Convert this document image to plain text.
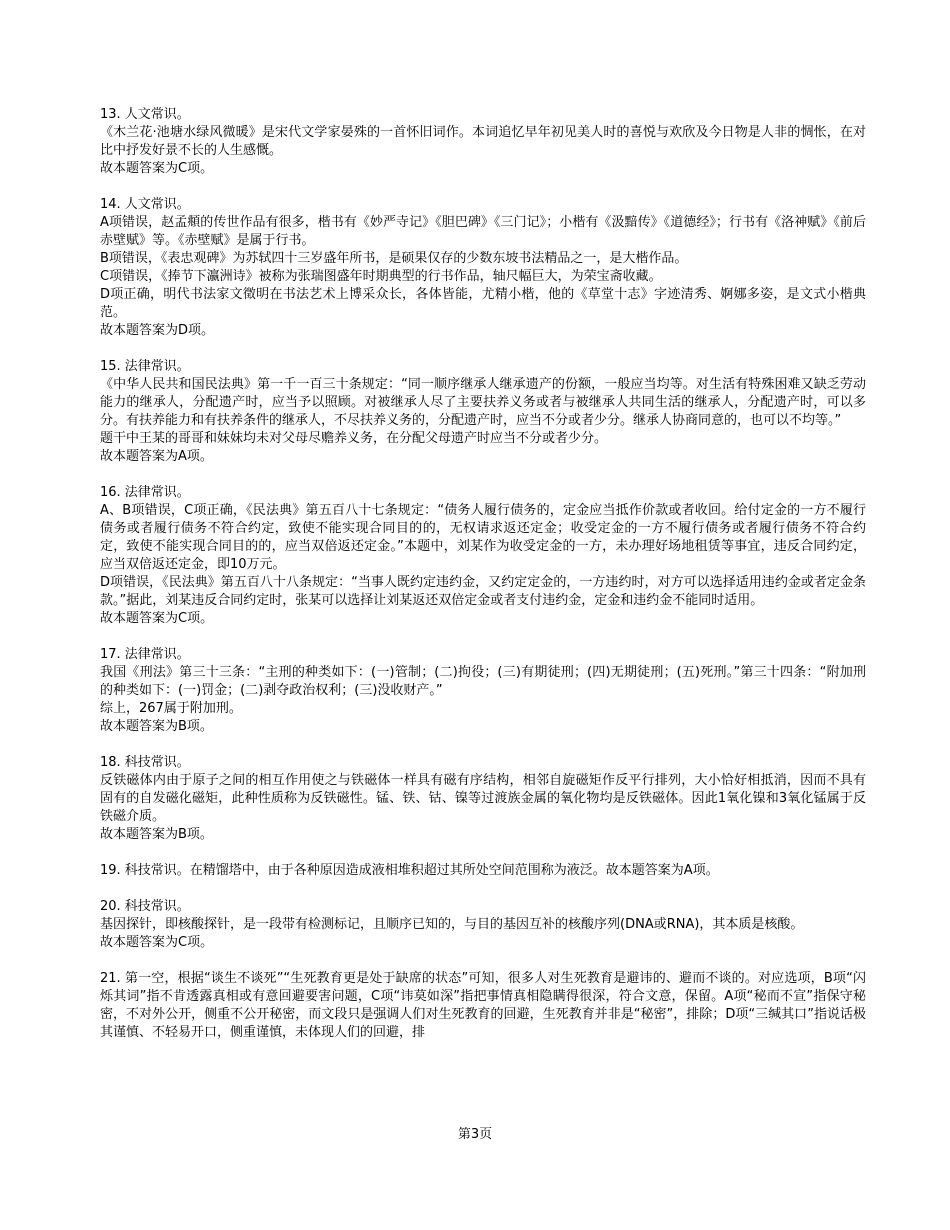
13. 人文常识。
《木兰花·池塘水绿风微暖》是宋代文学家晏殊的一首怀旧词作。本词追忆早年初见美人时的喜悦与欢欣及今日物是人非的惆怅，在对比中抒发好景不长的人生感慨。
故本题答案为C项。
14. 人文常识。
A项错误，赵孟頫的传世作品有很多，楷书有《妙严寺记》《胆巴碑》《三门记》；小楷有《汲黯传》《道德经》；行书有《洛神赋》《前后赤壁赋》等。《赤壁赋》是属于行书。
B项错误，《表忠观碑》为苏轼四十三岁盛年所书，是硕果仅存的少数东坡书法精品之一，是大楷作品。
C项错误，《捧节下瀛洲诗》被称为张瑞图盛年时期典型的行书作品，轴尺幅巨大，为荣宝斋收藏。
D项正确，明代书法家文徵明在书法艺术上博采众长，各体皆能，尤精小楷，他的《草堂十志》字迹清秀、婀娜多姿，是文式小楷典范。
故本题答案为D项。
15. 法律常识。
《中华人民共和国民法典》第一千一百三十条规定：“同一顺序继承人继承遗产的份额，一般应当均等。对生活有特殊困难又缺乏劳动能力的继承人，分配遗产时，应当予以照顾。对被继承人尽了主要扶养义务或者与被继承人共同生活的继承人，分配遗产时，可以多分。有扶养能力和有扶养条件的继承人，不尽扶养义务的，分配遗产时，应当不分或者少分。继承人协商同意的，也可以不均等。”
题干中王某的哥哥和妹妹均未对父母尽赡养义务，在分配父母遗产时应当不分或者少分。
故本题答案为A项。
16. 法律常识。
A、B项错误，C项正确，《民法典》第五百八十七条规定：“债务人履行债务的，定金应当抵作价款或者收回。给付定金的一方不履行债务或者履行债务不符合约定，致使不能实现合同目的的，无权请求返还定金；收受定金的一方不履行债务或者履行债务不符合约定，致使不能实现合同目的的，应当双倍返还定金。”本题中，刘某作为收受定金的一方，未办理好场地租赁等事宜，违反合同约定，应当双倍返还定金，即10万元。
D项错误，《民法典》第五百八十八条规定：“当事人既约定违约金，又约定定金的，一方违约时，对方可以选择适用违约金或者定金条款。”据此，刘某违反合同约定时，张某可以选择让刘某返还双倍定金或者支付违约金，定金和违约金不能同时适用。
故本题答案为C项。
17. 法律常识。
我国《刑法》第三十三条：“主刑的种类如下：(一)管制；(二)拘役；(三)有期徒刑；(四)无期徒刑；(五)死刑。”第三十四条：“附加刑的种类如下：(一)罚金；(二)剥夺政治权利；(三)没收财产。”
综上，267属于附加刑。
故本题答案为B项。
18. 科技常识。
反铁磁体内由于原子之间的相互作用使之与铁磁体一样具有磁有序结构，相邻自旋磁矩作反平行排列，大小恰好相抵消，因而不具有固有的自发磁化磁矩，此种性质称为反铁磁性。锰、铁、钴、镍等过渡族金属的氧化物均是反铁磁体。因此1氧化镍和3氧化锰属于反铁磁介质。
故本题答案为B项。
19. 科技常识。在精馏塔中，由于各种原因造成液相堆积超过其所处空间范围称为液泛。故本题答案为A项。
20. 科技常识。
基因探针，即核酸探针，是一段带有检测标记，且顺序已知的，与目的基因互补的核酸序列(DNA或RNA)，其本质是核酸。
故本题答案为C项。
21. 第一空，根据“谈生不谈死”“生死教育更是处于缺席的状态”可知，很多人对生死教育是避讳的、避而不谈的。对应选项，B项“闪烁其词”指不肯透露真相或有意回避要害问题，C项“讳莫如深”指把事情真相隐瞒得很深，符合文意，保留。A项“秘而不宣”指保守秘密，不对外公开，侧重不公开秘密，而文段只是强调人们对生死教育的回避，生死教育并非是“秘密”，排除；D项“三缄其口”指说话极其谨慎、不轻易开口，侧重谨慎，未体现人们的回避，排
第3页
